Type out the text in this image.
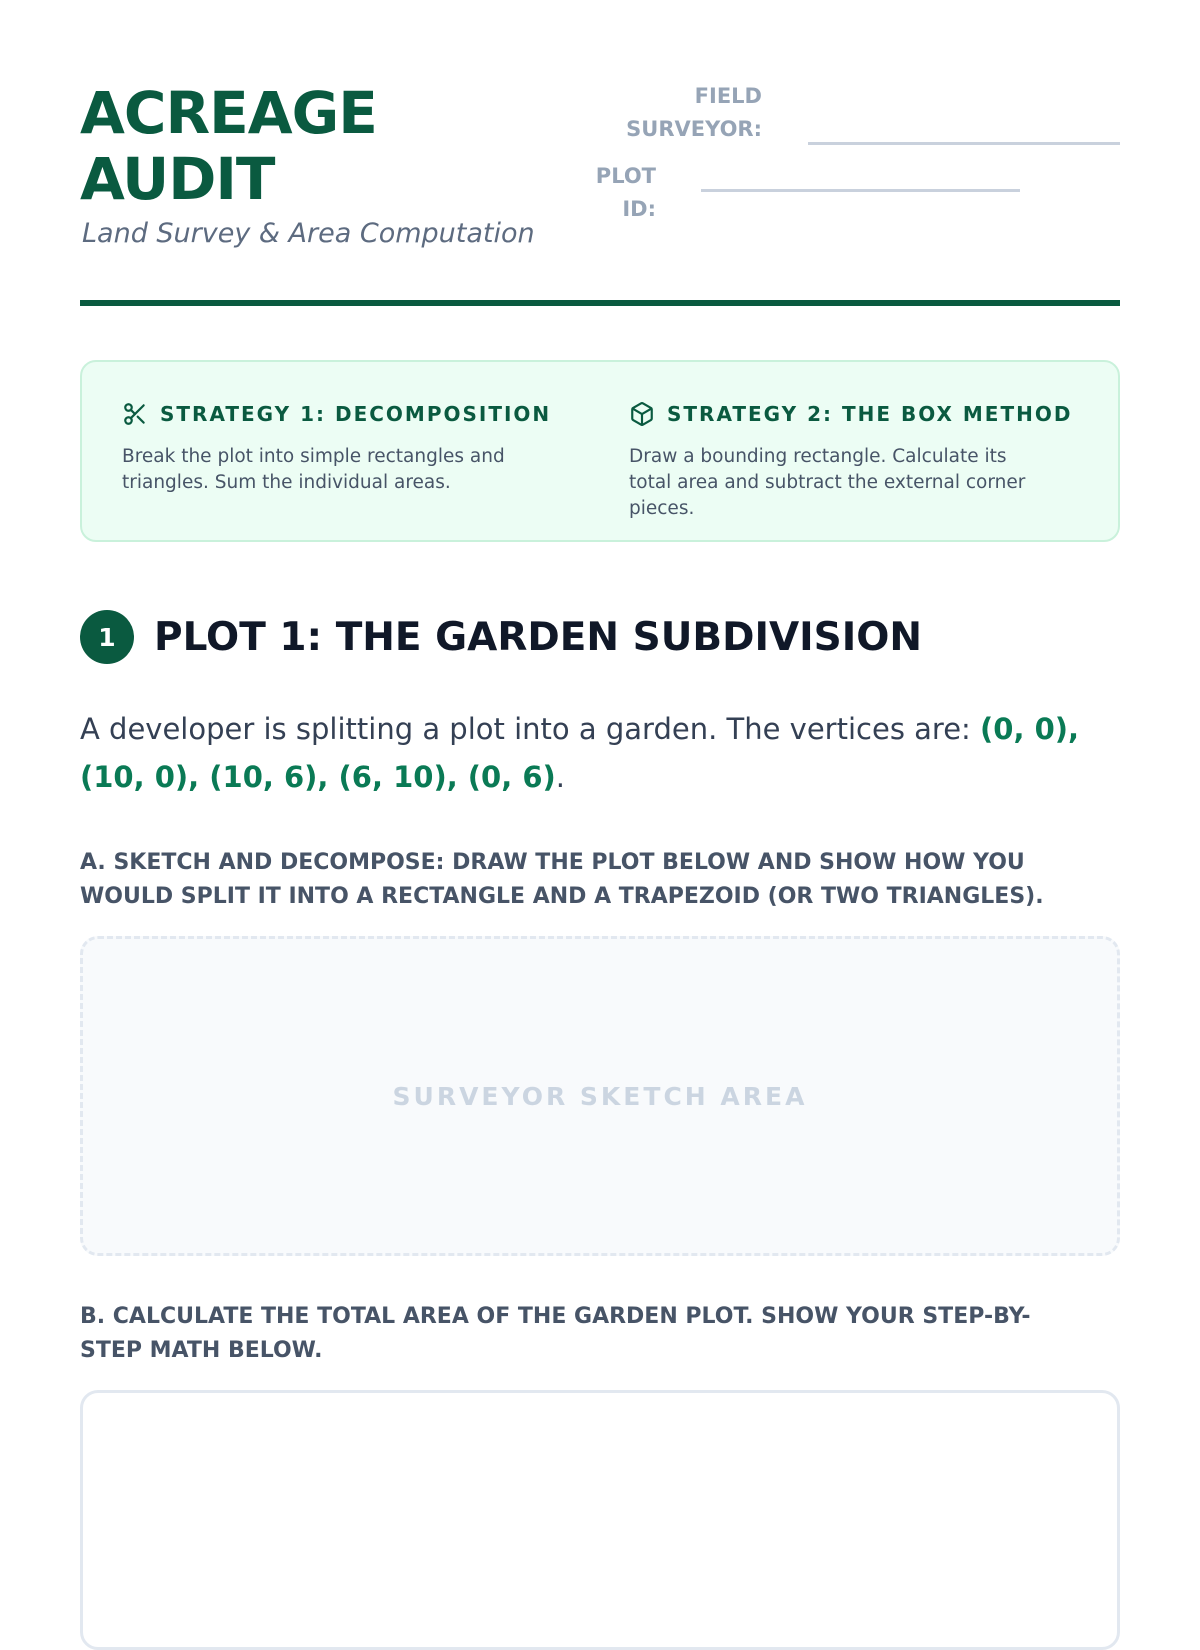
ACREAGE
AUDIT
Land Survey & Area Computation
FIELD
SURVEYOR:
PLOT ID:
STRATEGY 1: DECOMPOSITION
Break the plot into simple rectangles and triangles. Sum the individual areas.
STRATEGY 2: THE BOX METHOD
Draw a bounding rectangle. Calculate its total area and subtract the external corner pieces.
1 PLOT 1: THE GARDEN SUBDIVISION

A developer is splitting a plot into a garden. The vertices are: (0, 0), (10, 0), (10, 6), (6, 10), (0, 6).

A. SKETCH AND DECOMPOSE: DRAW THE PLOT BELOW AND SHOW HOW YOU WOULD SPLIT IT INTO A RECTANGLE AND A TRAPEZOID (OR TWO TRIANGLES).

SURVEYOR SKETCH AREA

B. CALCULATE THE TOTAL AREA OF THE GARDEN PLOT. SHOW YOUR STEP-BY-STEP MATH BELOW.
